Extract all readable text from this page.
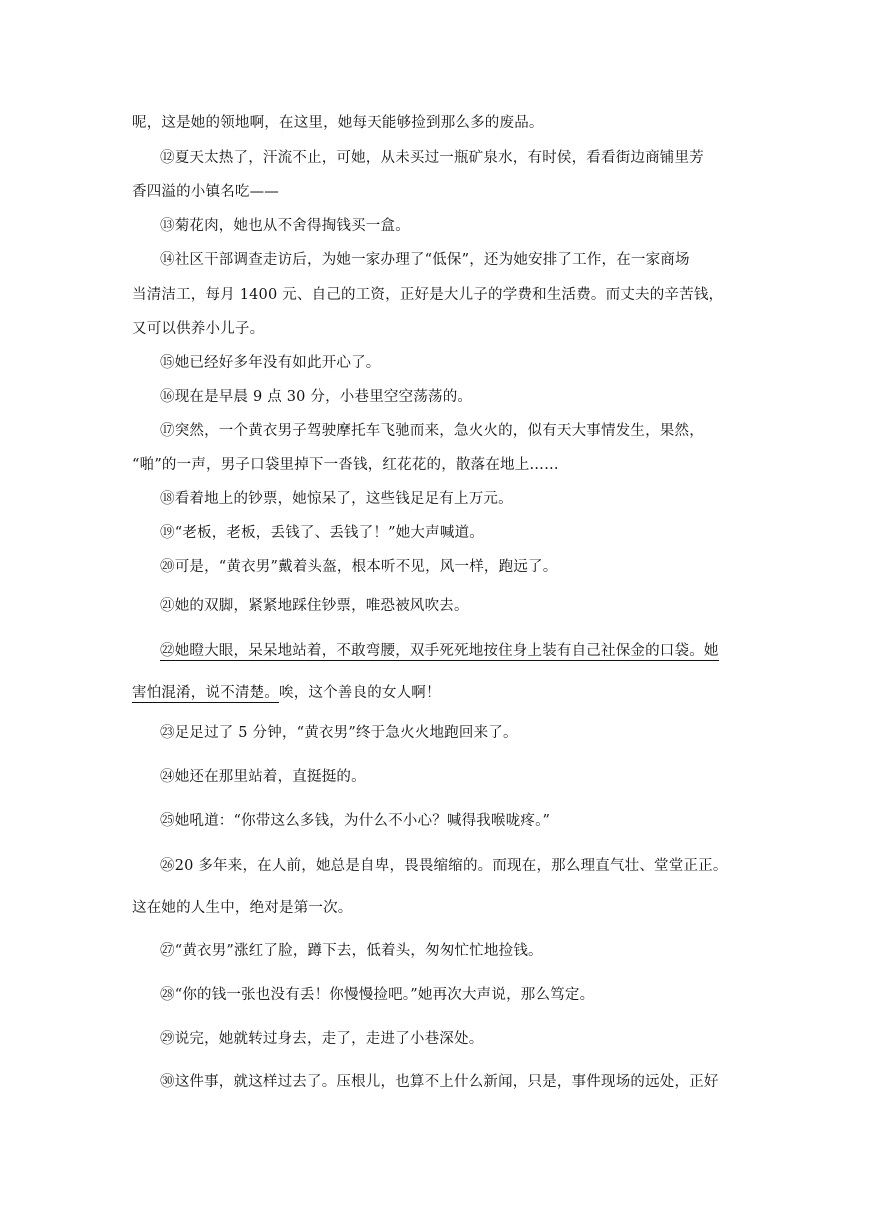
呢，这是她的领地啊，在这里，她每天能够捡到那么多的废品。
⑫夏天太热了，汗流不止，可她，从未买过一瓶矿泉水，有时侯，看看街边商铺里芳
香四溢的小镇名吃——
⑬菊花肉，她也从不舍得掏钱买一盒。
⑭社区干部调查走访后，为她一家办理了“低保”，还为她安排了工作，在一家商场
当清洁工，每月 1400 元、自己的工资，正好是大儿子的学费和生活费。而丈夫的辛苦钱，
又可以供养小儿子。
⑮她已经好多年没有如此开心了。
⑯现在是早晨 9 点 30 分，小巷里空空荡荡的。
⑰突然，一个黄衣男子驾驶摩托车飞驰而来，急火火的，似有天大事情发生，果然，
“啪”的一声，男子口袋里掉下一沓钱，红花花的，散落在地上……
⑱看着地上的钞票，她惊呆了，这些钱足足有上万元。
⑲“老板，老板，丢钱了、丢钱了！”她大声喊道。
⑳可是，“黄衣男”戴着头盔，根本听不见，风一样，跑远了。
㉑她的双脚，紧紧地踩住钞票，唯恐被风吹去。
㉒她瞪大眼，呆呆地站着，不敢弯腰，双手死死地按住身上装有自己社保金的口袋。她
害怕混淆，说不清楚。唉，这个善良的女人啊！
㉓足足过了 5 分钟，“黄衣男”终于急火火地跑回来了。
㉔她还在那里站着，直挺挺的。
㉕她吼道：“你带这么多钱，为什么不小心？喊得我喉咙疼。”
㉖20 多年来，在人前，她总是自卑，畏畏缩缩的。而现在，那么理直气壮、堂堂正正。
这在她的人生中，绝对是第一次。
㉗“黄衣男”涨红了脸，蹲下去，低着头，匆匆忙忙地捡钱。
㉘“你的钱一张也没有丢！你慢慢捡吧。”她再次大声说，那么笃定。
㉙说完，她就转过身去，走了，走进了小巷深处。
㉚这件事，就这样过去了。压根儿，也算不上什么新闻，只是，事件现场的远处，正好
